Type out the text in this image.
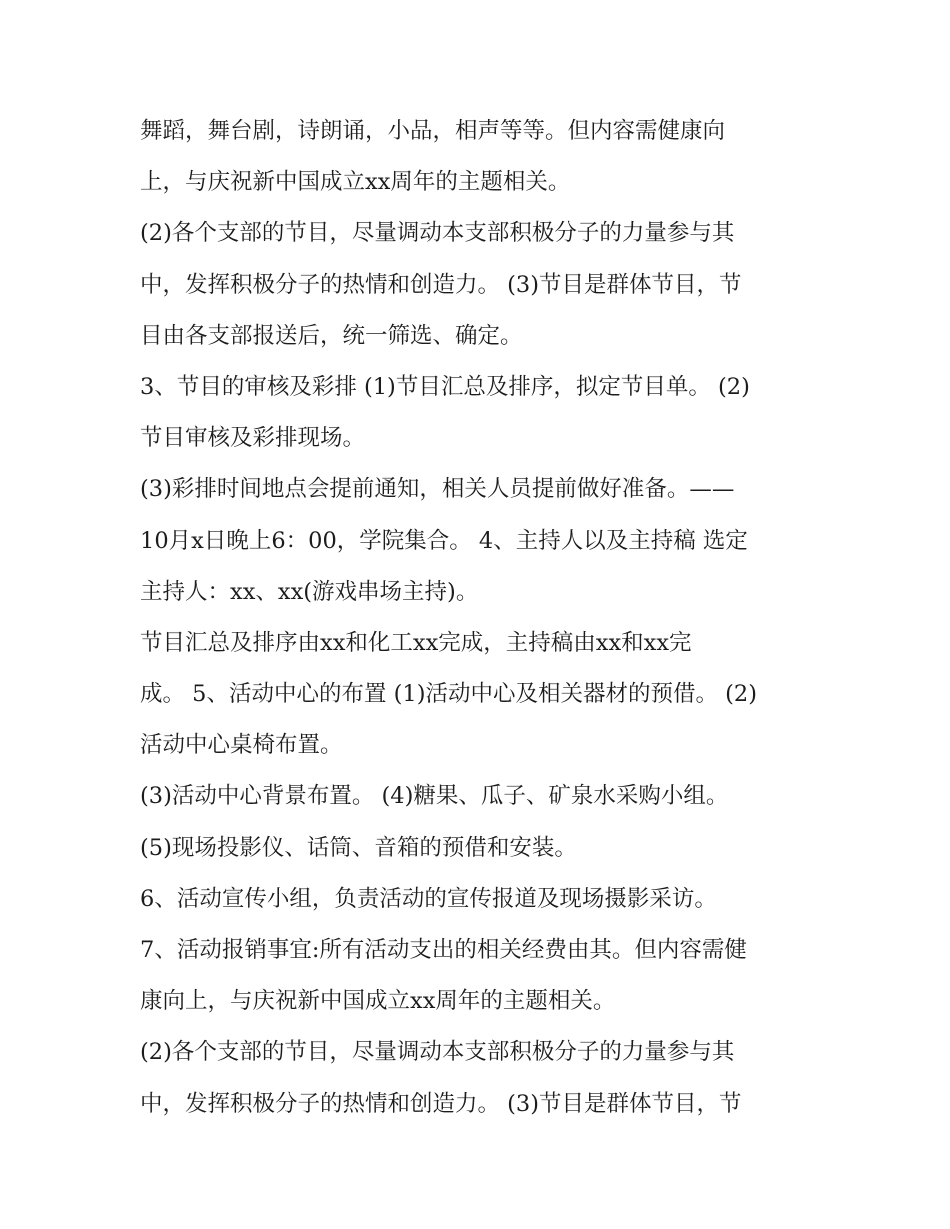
舞蹈，舞台剧，诗朗诵，小品，相声等等。但内容需健康向
上，与庆祝新中国成立xx周年的主题相关。
(2)各个支部的节目，尽量调动本支部积极分子的力量参与其
中，发挥积极分子的热情和创造力。 (3)节目是群体节目，节
目由各支部报送后，统一筛选、确定。
3、节目的审核及彩排 (1)节目汇总及排序，拟定节目单。 (2)
节目审核及彩排现场。
(3)彩排时间地点会提前通知，相关人员提前做好准备。——
10月x日晚上6：00，学院集合。 4、主持人以及主持稿 选定
主持人：xx、xx(游戏串场主持)。
节目汇总及排序由xx和化工xx完成，主持稿由xx和xx完
成。 5、活动中心的布置 (1)活动中心及相关器材的预借。 (2)
活动中心桌椅布置。
(3)活动中心背景布置。 (4)糖果、瓜子、矿泉水采购小组。
(5)现场投影仪、话筒、音箱的预借和安装。
6、活动宣传小组，负责活动的宣传报道及现场摄影采访。
7、活动报销事宜:所有活动支出的相关经费由其。但内容需健
康向上，与庆祝新中国成立xx周年的主题相关。
(2)各个支部的节目，尽量调动本支部积极分子的力量参与其
中，发挥积极分子的热情和创造力。 (3)节目是群体节目，节
